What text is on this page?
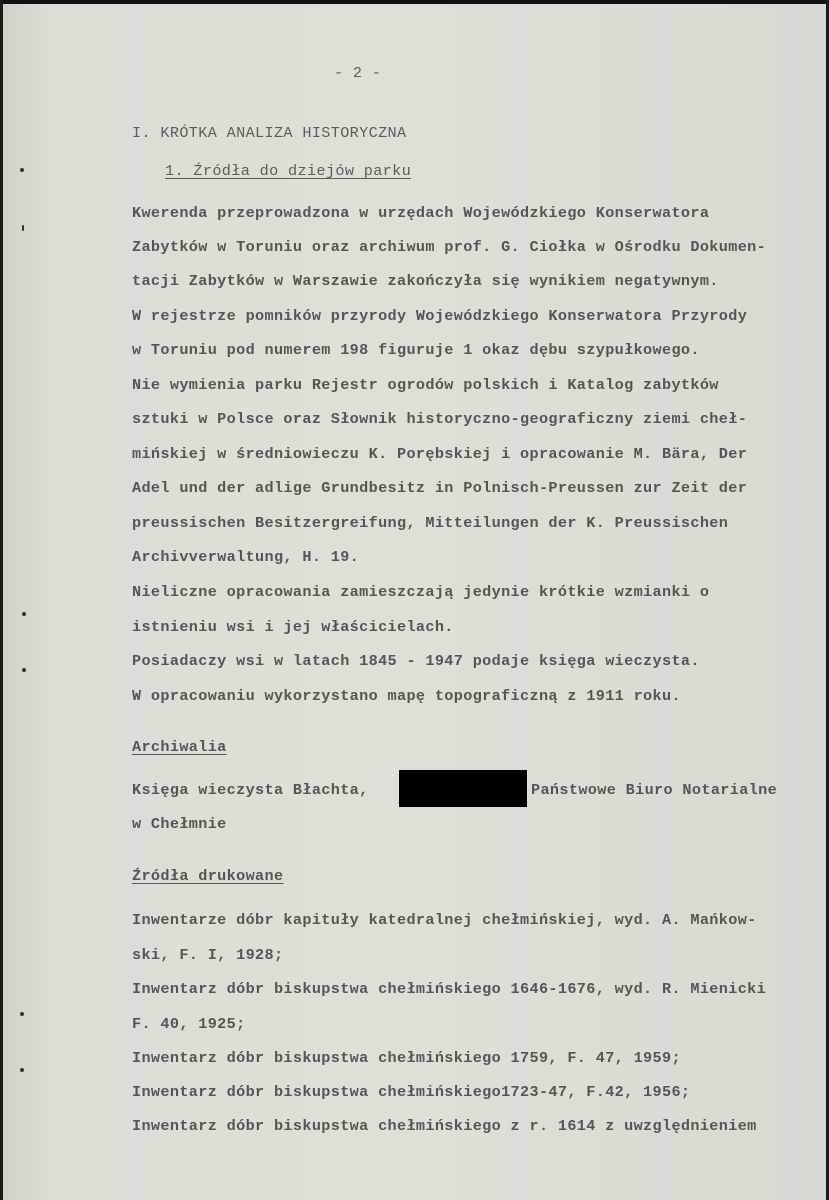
- 2 -
I. KRÓTKA ANALIZA HISTORYCZNA
1. Źródła do dziejów parku
Kwerenda przeprowadzona w urzędach Wojewódzkiego Konserwatora
Zabytków w Toruniu oraz archiwum prof. G. Ciołka w Ośrodku Dokumen-
tacji Zabytków w Warszawie zakończyła się wynikiem negatywnym.
W rejestrze pomników przyrody Wojewódzkiego Konserwatora Przyrody
w Toruniu pod numerem 198 figuruje 1 okaz dębu szypułkowego.
Nie wymienia parku Rejestr ogrodów polskich i Katalog zabytków
sztuki w Polsce oraz Słownik historyczno-geograficzny ziemi cheł-
mińskiej w średniowieczu K. Porębskiej i opracowanie M. Bära, Der
Adel und der adlige Grundbesitz in Polnisch-Preussen zur Zeit der
preussischen Besitzergreifung, Mitteilungen der K. Preussischen
Archivverwaltung, H. 19.
Nieliczne opracowania zamieszczają jedynie krótkie wzmianki o
istnieniu wsi i jej właścicielach.
Posiadaczy wsi w latach 1845 - 1947 podaje księga wieczysta.
W opracowaniu wykorzystano mapę topograficzną z 1911 roku.
Archiwalia
Księga wieczysta Błachta,	Państwowe Biuro Notarialne
w Chełmnie
Źródła drukowane
Inwentarze dóbr kapituły katedralnej chełmińskiej, wyd. A. Mańkow-
ski, F. I, 1928;
Inwentarz dóbr biskupstwa chełmińskiego 1646-1676, wyd. R. Mienicki
F. 40, 1925;
Inwentarz dóbr biskupstwa chełmińskiego 1759, F. 47, 1959;
Inwentarz dóbr biskupstwa chełmińskiego1723-47, F.42, 1956;
Inwentarz dóbr biskupstwa chełmińskiego z r. 1614 z uwzględnieniem
